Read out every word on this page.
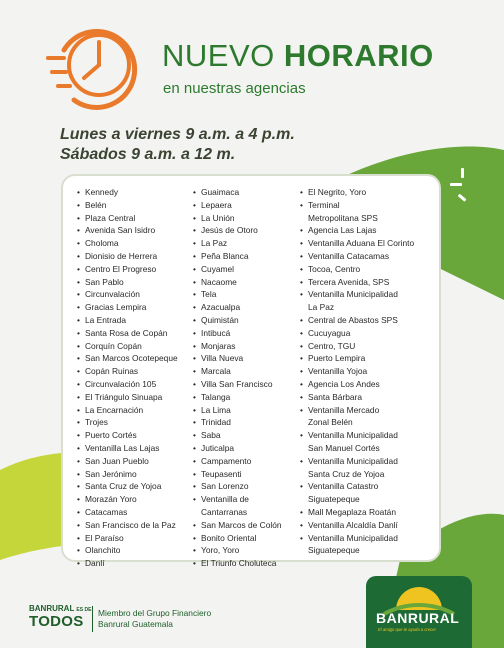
NUEVO HORARIO
en nuestras agencias
Lunes a viernes 9 a.m. a 4 p.m.
Sábados 9 a.m. a 12 m.
• Kennedy
• Belén
• Plaza Central
• Avenida San Isidro
• Choloma
• Dionisio de Herrera
• Centro El Progreso
• San Pablo
• Circunvalación
• Gracias Lempira
• La Entrada
• Santa Rosa de Copán
• Corquín Copán
• San Marcos Ocotepeque
• Copán Ruinas
• Circunvalación 105
• El Triángulo Sinuapa
• La Encarnación
• Trojes
• Puerto Cortés
• Ventanilla Las Lajas
• San Juan Pueblo
• San Jerónimo
• Santa Cruz de Yojoa
• Morazán Yoro
• Catacamas
• San Francisco de la Paz
• El Paraíso
• Olanchito
• Danlí
• Guaimaca
• Lepaera
• La Unión
• Jesús de Otoro
• La Paz
• Peña Blanca
• Cuyamel
• Nacaome
• Tela
• Azacualpa
• Quimistán
• Intibucá
• Monjaras
• Villa Nueva
• Marcala
• Villa San Francisco
• Talanga
• La Lima
• Trinidad
• Saba
• Juticalpa
• Campamento
• Teupasenti
• San Lorenzo
• Ventanilla de
Cantarranas
• San Marcos de Colón
• Bonito Oriental
• Yoro, Yoro
• El Triunfo Choluteca
• El Negrito, Yoro
• Terminal
Metropolitana SPS
• Agencia Las Lajas
• Ventanilla Aduana El Corinto
• Ventanilla Catacamas
• Tocoa, Centro
• Tercera Avenida, SPS
• Ventanilla Municipalidad
La Paz
• Central de Abastos SPS
• Cucuyagua
• Centro, TGU
• Puerto Lempira
• Ventanilla Yojoa
• Agencia Los Andes
• Santa Bárbara
• Ventanilla Mercado
Zonal Belén
• Ventanilla Municipalidad
San Manuel Cortés
• Ventanilla Municipalidad
Santa Cruz de Yojoa
• Ventanilla Catastro
Siguatepeque
• Mall Megaplaza Roatán
• Ventanilla Alcaldía Danlí
• Ventanilla Municipalidad
Siguatepeque
BANRURAL ES DE
TODOS	Miembro del Grupo Financiero
Banrural Guatemala	BANRURAL
El amigo que te ayuda a crecer
